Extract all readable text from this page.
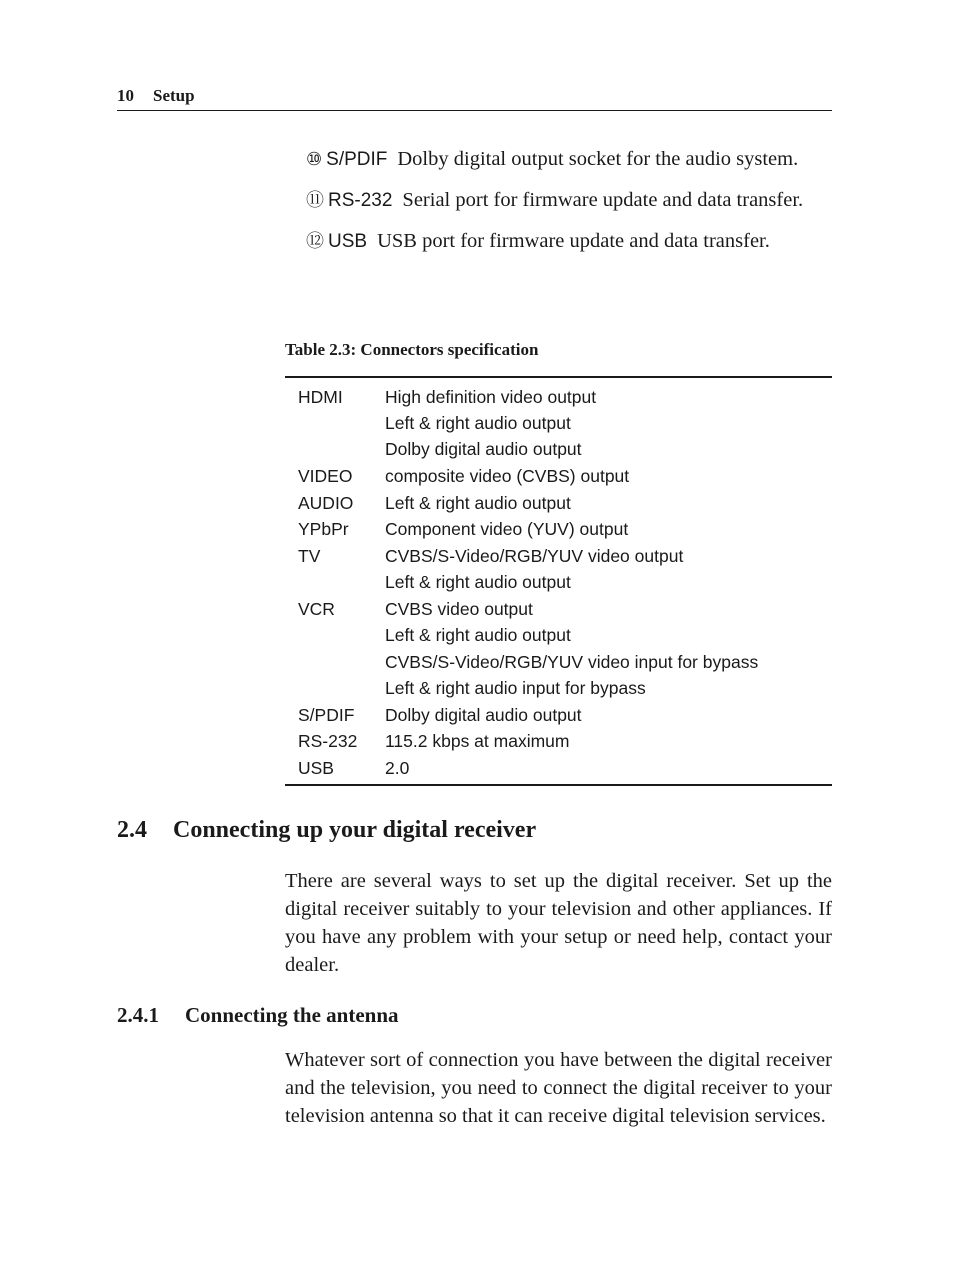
10 Setup
⑩ S/PDIF Dolby digital output socket for the audio system.
⑪ RS-232 Serial port for firmware update and data transfer.
⑫ USB USB port for firmware update and data transfer.
Table 2.3: Connectors specification
HDMI High definition video output
Left & right audio output
Dolby digital audio output
VIDEO composite video (CVBS) output
AUDIO Left & right audio output
YPbPr Component video (YUV) output
TV	CVBS/S-Video/RGB/YUV video output
Left & right audio output
VCR	CVBS video output
Left & right audio output
CVBS/S-Video/RGB/YUV video input for bypass
Left & right audio input for bypass
S/PDIF Dolby digital audio output
RS-232 115.2 kbps at maximum
USB	2.0
2.4 Connecting up your digital receiver

There are several ways to set up the digital receiver. Set up the digital receiver suitably to your television and other appliances. If you have any problem with your setup or need help, contact your dealer.

2.4.1 Connecting the antenna

Whatever sort of connection you have between the digital receiver and the television, you need to connect the digital receiver to your television antenna so that it can receive digital television services.
